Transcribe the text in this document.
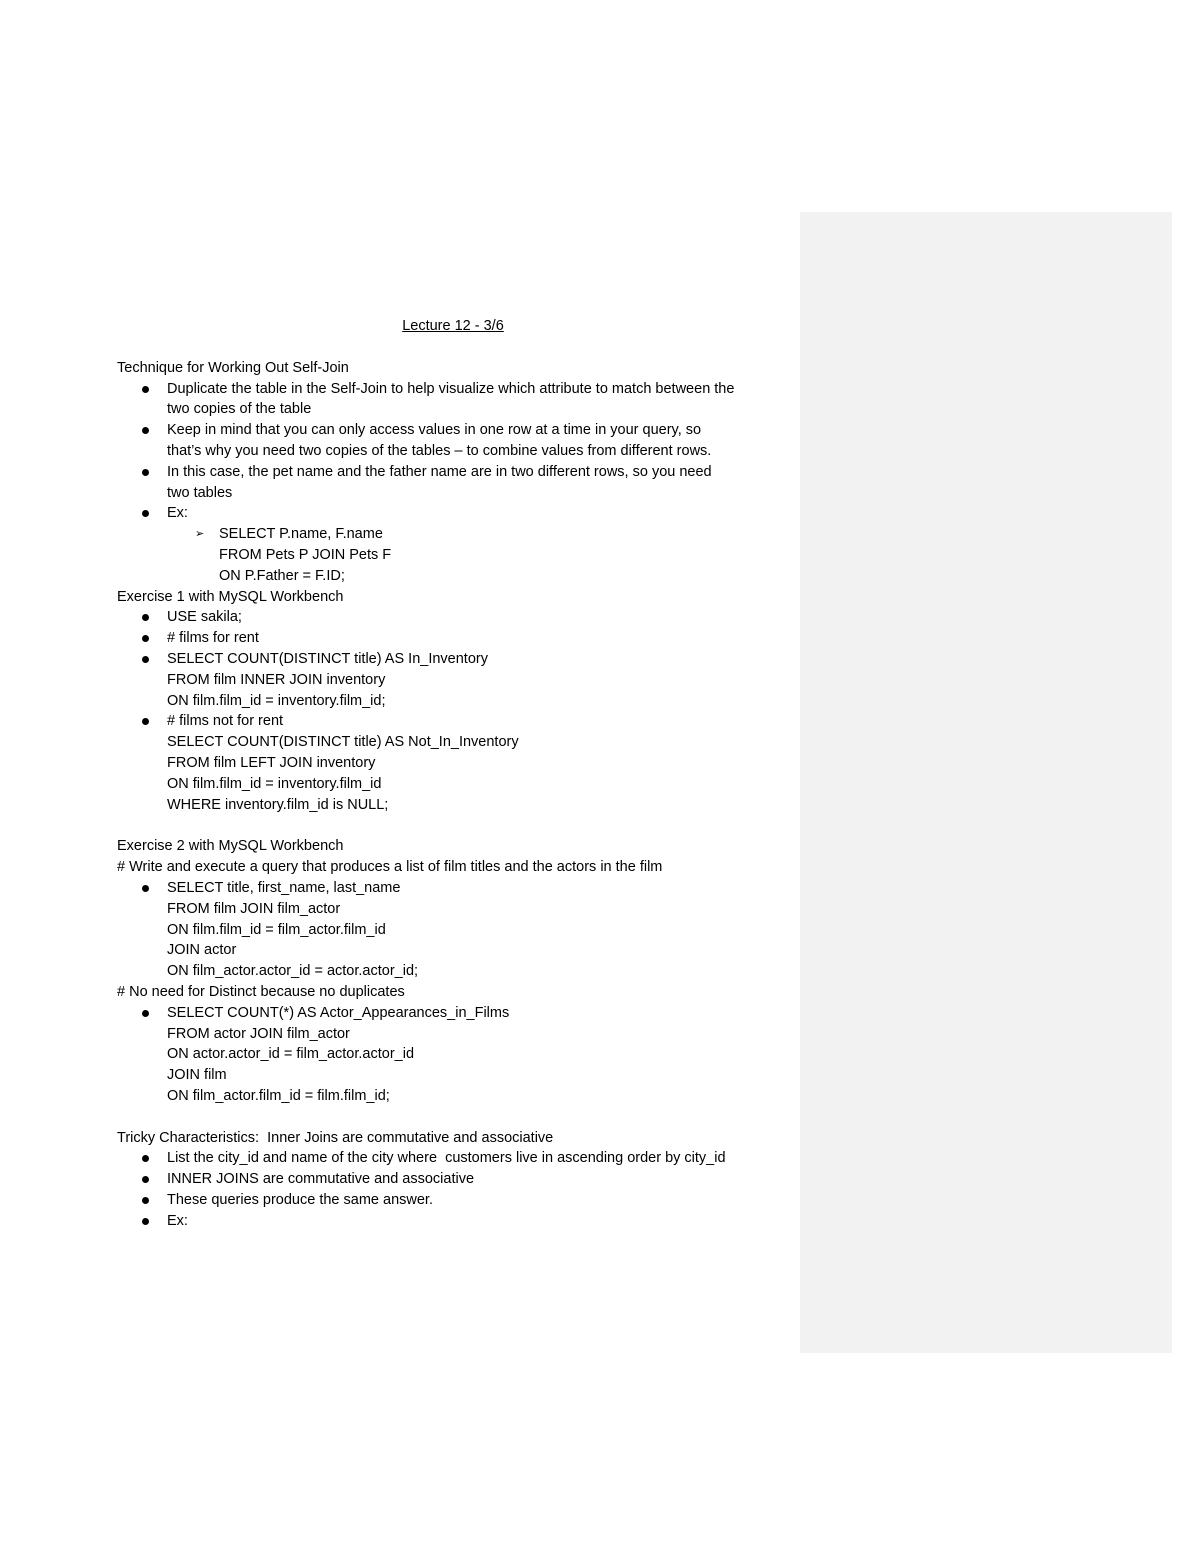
Lecture 12 - 3/6
Technique for Working Out Self-Join
Duplicate the table in the Self-Join to help visualize which attribute to match between the
two copies of the table
Keep in mind that you can only access values in one row at a time in your query, so
that’s why you need two copies of the tables – to combine values from different rows.
In this case, the pet name and the father name are in two different rows, so you need
two tables
Ex:
➢ SELECT P.name, F.name
FROM Pets P JOIN Pets F
ON P.Father = F.ID;
Exercise 1 with MySQL Workbench
USE sakila;
# films for rent
SELECT COUNT(DISTINCT title) AS In_Inventory
FROM film INNER JOIN inventory
ON film.film_id = inventory.film_id;
# films not for rent
SELECT COUNT(DISTINCT title) AS Not_In_Inventory
FROM film LEFT JOIN inventory
ON film.film_id = inventory.film_id
WHERE inventory.film_id is NULL;
Exercise 2 with MySQL Workbench
# Write and execute a query that produces a list of film titles and the actors in the film
SELECT title, first_name, last_name
FROM film JOIN film_actor
ON film.film_id = film_actor.film_id
JOIN actor
ON film_actor.actor_id = actor.actor_id;
# No need for Distinct because no duplicates
SELECT COUNT(*) AS Actor_Appearances_in_Films
FROM actor JOIN film_actor
ON actor.actor_id = film_actor.actor_id
JOIN film
ON film_actor.film_id = film.film_id;
Tricky Characteristics:  Inner Joins are commutative and associative
List the city_id and name of the city where  customers live in ascending order by city_id
INNER JOINS are commutative and associative
These queries produce the same answer.
Ex:
